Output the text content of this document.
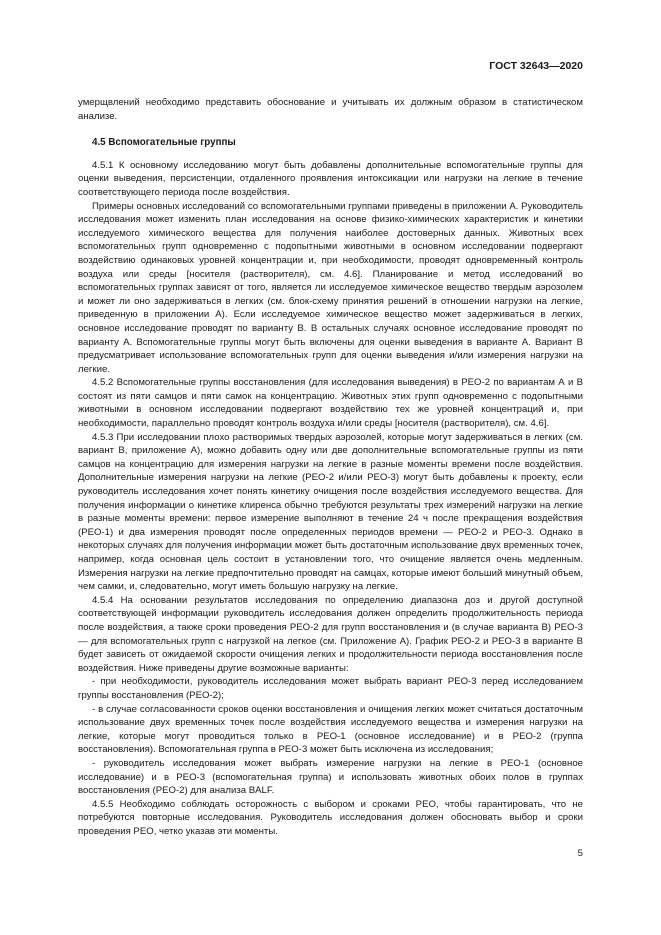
ГОСТ 32643—2020

умерщвлений необходимо представить обоснование и учитывать их должным образом в статистическом анализе.

4.5 Вспомогательные группы

4.5.1 К основному исследованию могут быть добавлены дополнительные вспомогательные группы для оценки выведения, персистенции, отдаленного проявления интоксикации или нагрузки на легкие в течение соответствующего периода после воздействия.

Примеры основных исследований со вспомогательными группами приведены в приложении А. Руководитель исследования может изменить план исследования на основе физико-химических характеристик и кинетики исследуемого химического вещества для получения наиболее достоверных данных. Животных всех вспомогательных групп одновременно с подопытными животными в основном исследовании подвергают воздействию одинаковых уровней концентрации и, при необходимости, проводят одновременный контроль воздуха или среды [носителя (растворителя), см. 4.6]. Планирование и метод исследований во вспомогательных группах зависят от того, является ли исследуемое химическое вещество твердым аэрозолем и может ли оно задерживаться в легких (см. блок-схему принятия решений в отношении нагрузки на легкие, приведенную в приложении А). Если исследуемое химическое вещество может задерживаться в легких, основное исследование проводят по варианту В. В остальных случаях основное исследование проводят по варианту А. Вспомогательные группы могут быть включены для оценки выведения в варианте А. Вариант В предусматривает использование вспомогательных групп для оценки выведения и/или измерения нагрузки на легкие.

4.5.2 Вспомогательные группы восстановления (для исследования выведения) в РЕО-2 по вариантам А и В состоят из пяти самцов и пяти самок на концентрацию. Животных этих групп одновременно с подопытными животными в основном исследовании подвергают воздействию тех же уровней концентраций и, при необходимости, параллельно проводят контроль воздуха и/или среды [носителя (растворителя), см. 4.6].

4.5.3 При исследовании плохо растворимых твердых аэрозолей, которые могут задерживаться в легких (см. вариант В, приложение А), можно добавить одну или две дополнительные вспомогательные группы из пяти самцов на концентрацию для измерения нагрузки на легкие в разные моменты времени после воздействия. Дополнительные измерения нагрузки на легкие (РЕО-2 и/или РЕО-3) могут быть добавлены к проекту, если руководитель исследования хочет понять кинетику очищения после воздействия исследуемого вещества. Для получения информации о кинетике клиренса обычно требуются результаты трех измерений нагрузки на легкие в разные моменты времени: первое измерение выполняют в течение 24 ч после прекращения воздействия (РЕО-1) и два измерения проводят после определенных периодов времени — РЕО-2 и РЕО-3. Однако в некоторых случаях для получения информации может быть достаточным использование двух временных точек, например, когда основная цель состоит в установлении того, что очищение является очень медленным. Измерения нагрузки на легкие предпочтительно проводят на самцах, которые имеют больший минутный объем, чем самки, и, следовательно, могут иметь большую нагрузку на легкие.

4.5.4 На основании результатов исследования по определению диапазона доз и другой доступной соответствующей информации руководитель исследования должен определить продолжительность периода после воздействия, а также сроки проведения РЕО-2 для групп восстановления и (в случае варианта В) РЕО-3 — для вспомогательных групп с нагрузкой на легкое (см. Приложение А). График РЕО-2 и РЕО-3 в варианте В будет зависеть от ожидаемой скорости очищения легких и продолжительности периода восстановления после воздействия. Ниже приведены другие возможные варианты:

- при необходимости, руководитель исследования может выбрать вариант РЕО-3 перед исследованием группы восстановления (РЕО-2);

- в случае согласованности сроков оценки восстановления и очищения легких может считаться достаточным использование двух временных точек после воздействия исследуемого вещества и измерения нагрузки на легкие, которые могут проводиться только в РЕО-1 (основное исследование) и в РЕО-2 (группа восстановления). Вспомогательная группа в РЕО-3 может быть исключена из исследования;

- руководитель исследования может выбрать измерение нагрузки на легкие в РЕО-1 (основное исследование) и в РЕО-3 (вспомогательная группа) и использовать животных обоих полов в группах восстановления (РЕО-2) для анализа BALF.

4.5.5 Необходимо соблюдать осторожность с выбором и сроками РЕО, чтобы гарантировать, что не потребуются повторные исследования. Руководитель исследования должен обосновать выбор и сроки проведения РЕО, четко указав эти моменты.

5
